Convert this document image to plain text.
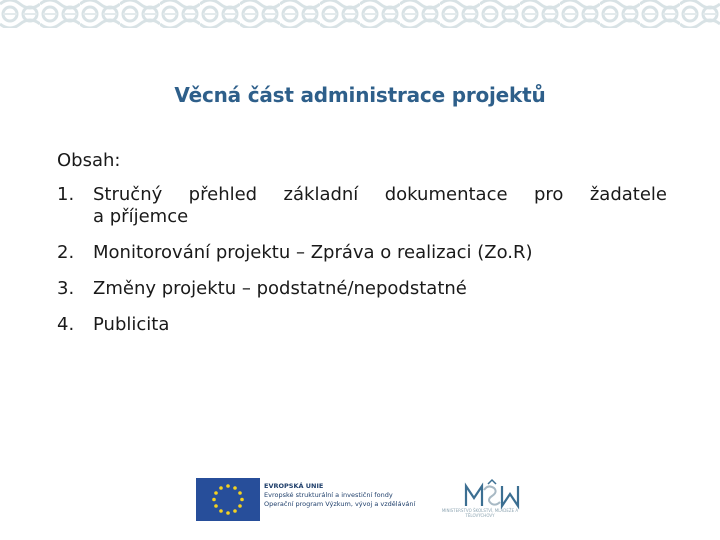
Věcná část administrace projektů
Obsah:
1.	Stručný přehled základní dokumentace pro žadatele
a příjemce
2.	Monitorování projektu – Zpráva o realizaci (Zo.R)
3.	Změny projektu – podstatné/nepodstatné
4.	Publicita
EVROPSKÁ UNIE
Evropské strukturální a investiční fondy
Operační program Výzkum, vývoj a vzdělávání
MINISTERSTVO ŠKOLSTVÍ, MLÁDEŽE A TĚLOVÝCHOVY
